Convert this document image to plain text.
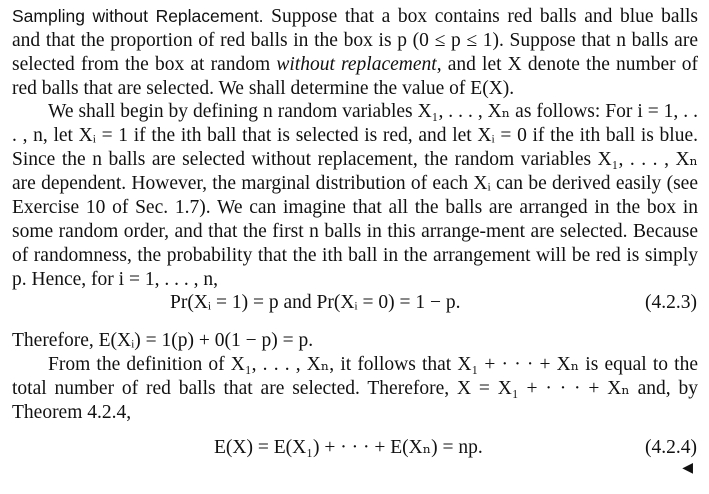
Sampling without Replacement. Suppose that a box contains red balls and blue balls and that the proportion of red balls in the box is p (0 ≤ p ≤ 1). Suppose that n balls are selected from the box at random without replacement, and let X denote the number of red balls that are selected. We shall determine the value of E(X).

We shall begin by defining n random variables X₁, . . . , Xₙ as follows: For i = 1, . . . , n, let Xᵢ = 1 if the ith ball that is selected is red, and let Xᵢ = 0 if the ith ball is blue. Since the n balls are selected without replacement, the random variables X₁, . . . , Xₙ are dependent. However, the marginal distribution of each Xᵢ can be derived easily (see Exercise 10 of Sec. 1.7). We can imagine that all the balls are arranged in the box in some random order, and that the first n balls in this arrange-ment are selected. Because of randomness, the probability that the ith ball in the arrangement will be red is simply p. Hence, for i = 1, . . . , n,

Pr(Xᵢ = 1) = p and Pr(Xᵢ = 0) = 1 − p.	(4.2.3)

Therefore, E(Xᵢ) = 1(p) + 0(1 − p) = p.

From the definition of X₁, . . . , Xₙ, it follows that X₁ + · · · + Xₙ is equal to the total number of red balls that are selected. Therefore, X = X₁ + · · · + Xₙ and, by Theorem 4.2.4,

E(X) = E(X₁) + · · · + E(Xₙ) = np.	(4.2.4)
◀
